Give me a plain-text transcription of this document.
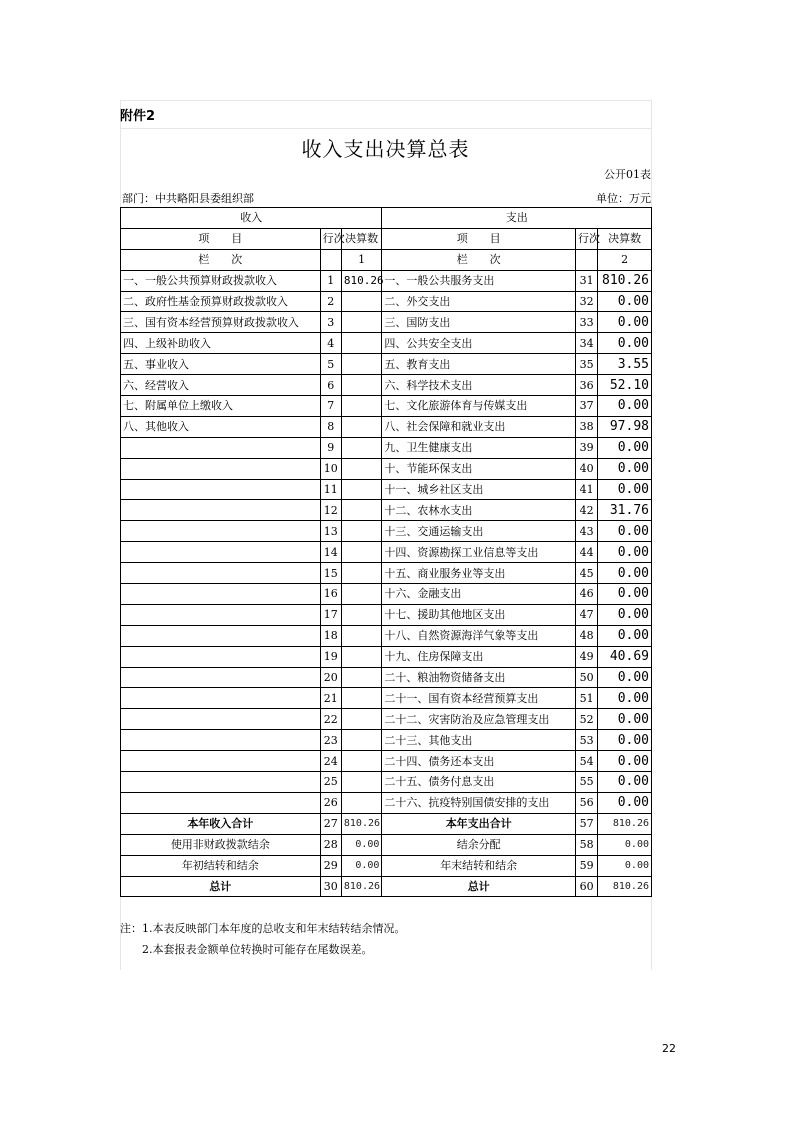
附件2
收入支出决算总表
公开01表
部门：中共略阳县委组织部	单位：万元
收入			支出		
项　　目	行次	决算数	项　　目	行次	决算数
栏　　次		1	栏　　次		2
一、一般公共预算财政拨款收入	1	810.26	一、一般公共服务支出	31	810.26
二、政府性基金预算财政拨款收入	2		二、外交支出	32	0.00
三、国有资本经营预算财政拨款收入	3		三、国防支出	33	0.00
四、上级补助收入	4		四、公共安全支出	34	0.00
五、事业收入	5		五、教育支出	35	3.55
六、经营收入	6		六、科学技术支出	36	52.10
七、附属单位上缴收入	7		七、文化旅游体育与传媒支出	37	0.00
八、其他收入	8		八、社会保障和就业支出	38	97.98
	9		九、卫生健康支出	39	0.00
	10		十、节能环保支出	40	0.00
	11		十一、城乡社区支出	41	0.00
	12		十二、农林水支出	42	31.76
	13		十三、交通运输支出	43	0.00
	14		十四、资源勘探工业信息等支出	44	0.00
	15		十五、商业服务业等支出	45	0.00
	16		十六、金融支出	46	0.00
	17		十七、援助其他地区支出	47	0.00
	18		十八、自然资源海洋气象等支出	48	0.00
	19		十九、住房保障支出	49	40.69
	20		二十、粮油物资储备支出	50	0.00
	21		二十一、国有资本经营预算支出	51	0.00
	22		二十二、灾害防治及应急管理支出	52	0.00
	23		二十三、其他支出	53	0.00
	24		二十四、债务还本支出	54	0.00
	25		二十五、债务付息支出	55	0.00
	26		二十六、抗疫特别国债安排的支出	56	0.00
本年收入合计	27	810.26	本年支出合计	57	810.26
使用非财政拨款结余	28	0.00	结余分配	58	0.00
年初结转和结余	29	0.00	年末结转和结余	59	0.00
总计	30	810.26	总计	60	810.26
注：1.本表反映部门本年度的总收支和年末结转结余情况。
2.本套报表金额单位转换时可能存在尾数误差。
22
